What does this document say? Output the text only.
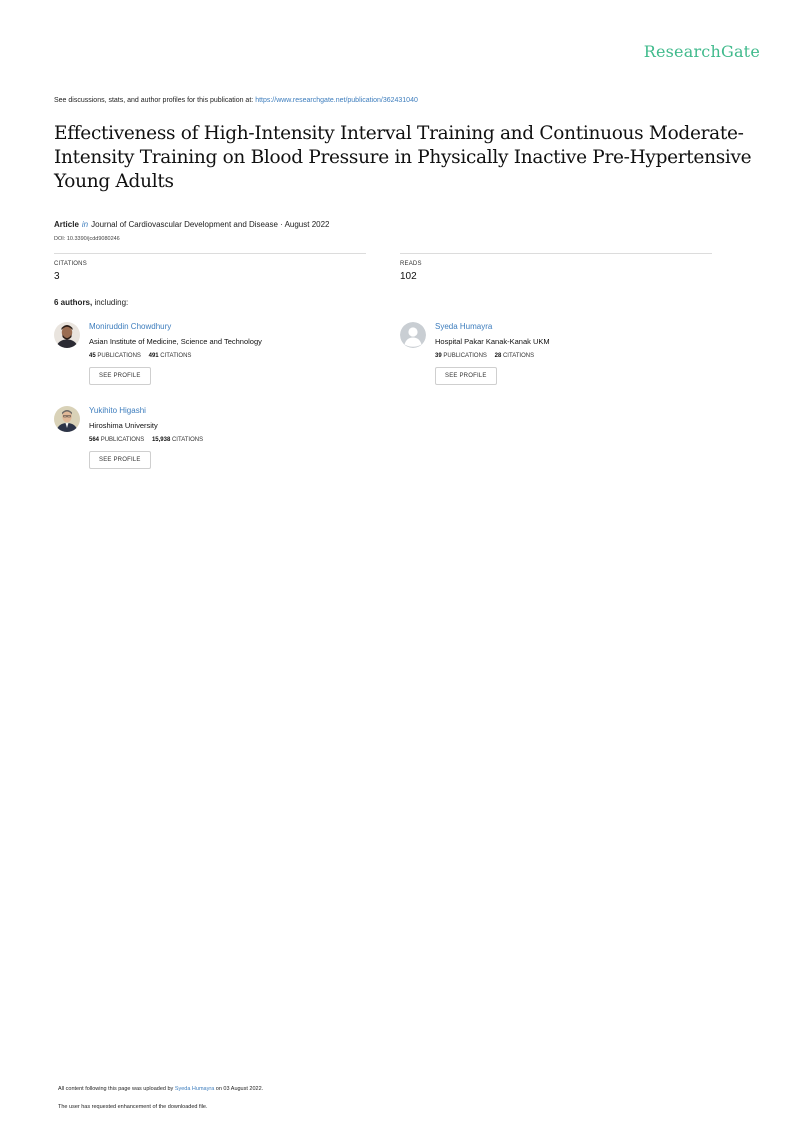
ResearchGate
See discussions, stats, and author profiles for this publication at: https://www.researchgate.net/publication/362431040
Effectiveness of High-Intensity Interval Training and Continuous Moderate-Intensity Training on Blood Pressure in Physically Inactive Pre-Hypertensive Young Adults
Article in Journal of Cardiovascular Development and Disease · August 2022
DOI: 10.3390/jcdd9080246
CITATIONS
3
READS
102
6 authors, including:
Moniruddin Chowdhury
Asian Institute of Medicine, Science and Technology
45 PUBLICATIONS 491 CITATIONS
SEE PROFILE
Syeda Humayra
Hospital Pakar Kanak-Kanak UKM
39 PUBLICATIONS 28 CITATIONS
SEE PROFILE
Yukihito Higashi
Hiroshima University
564 PUBLICATIONS 15,938 CITATIONS
SEE PROFILE
All content following this page was uploaded by Syeda Humayra on 03 August 2022.
The user has requested enhancement of the downloaded file.
